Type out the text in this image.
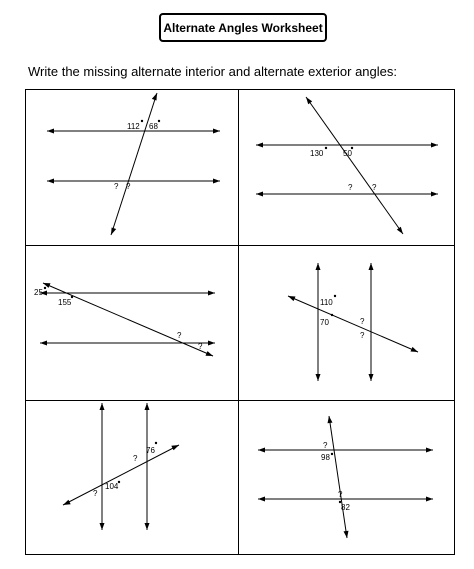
Alternate Angles Worksheet
Write the missing alternate interior and alternate exterior angles:
112 68
? ?
130 50
? ?
25
155
?
?
110
70	?
?
76
?
104
?
?
98
?
82
